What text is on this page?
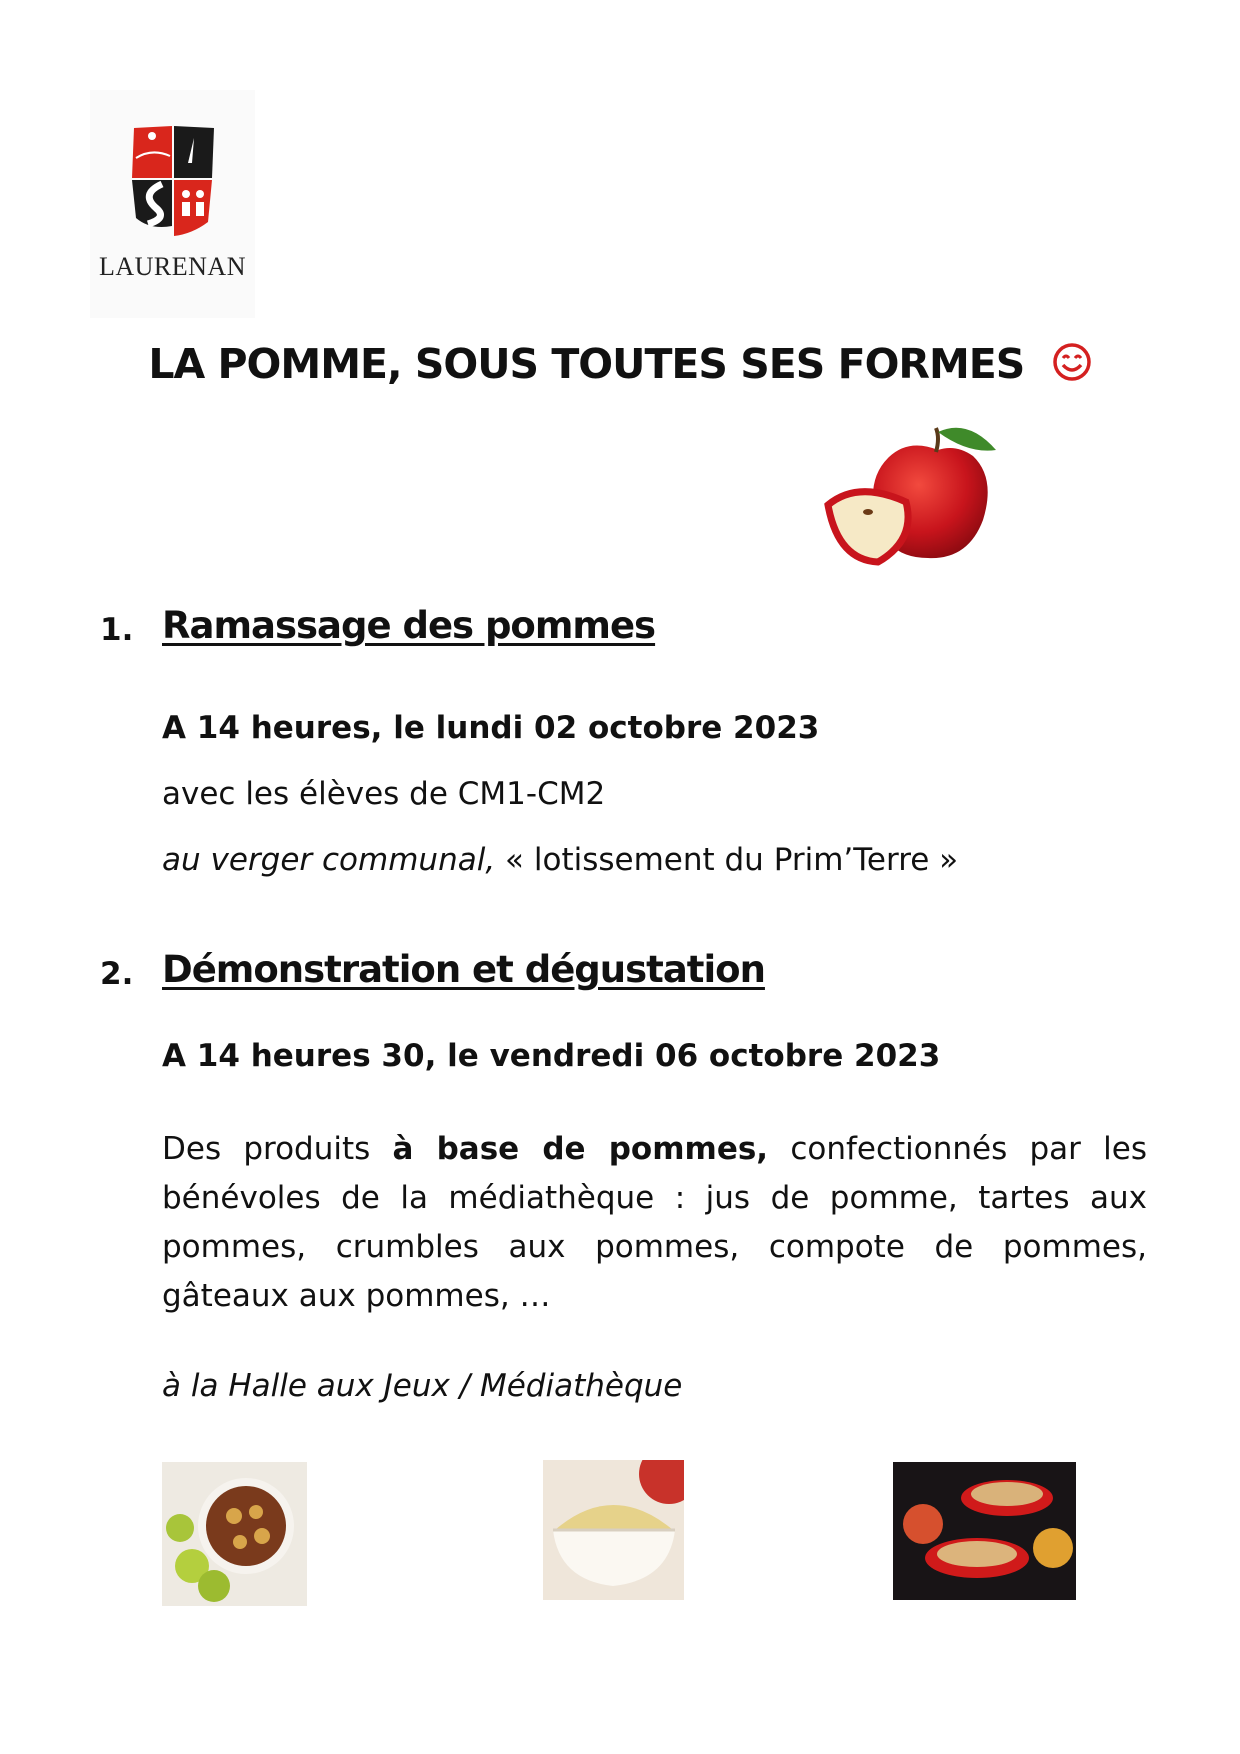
LAURENAN
LA POMME, SOUS TOUTES SES FORMES
1. Ramassage des pommes
A 14 heures, le lundi 02 octobre 2023
avec les élèves de CM1-CM2
au verger communal, « lotissement du Prim’Terre »
2. Démonstration et dégustation
A 14 heures 30, le vendredi 06 octobre 2023
Des produits à base de pommes, confectionnés par les bénévoles de la médiathèque : jus de pomme, tartes aux pommes, crumbles aux pommes, compote de pommes, gâteaux aux pommes, …
à la Halle aux Jeux / Médiathèque
